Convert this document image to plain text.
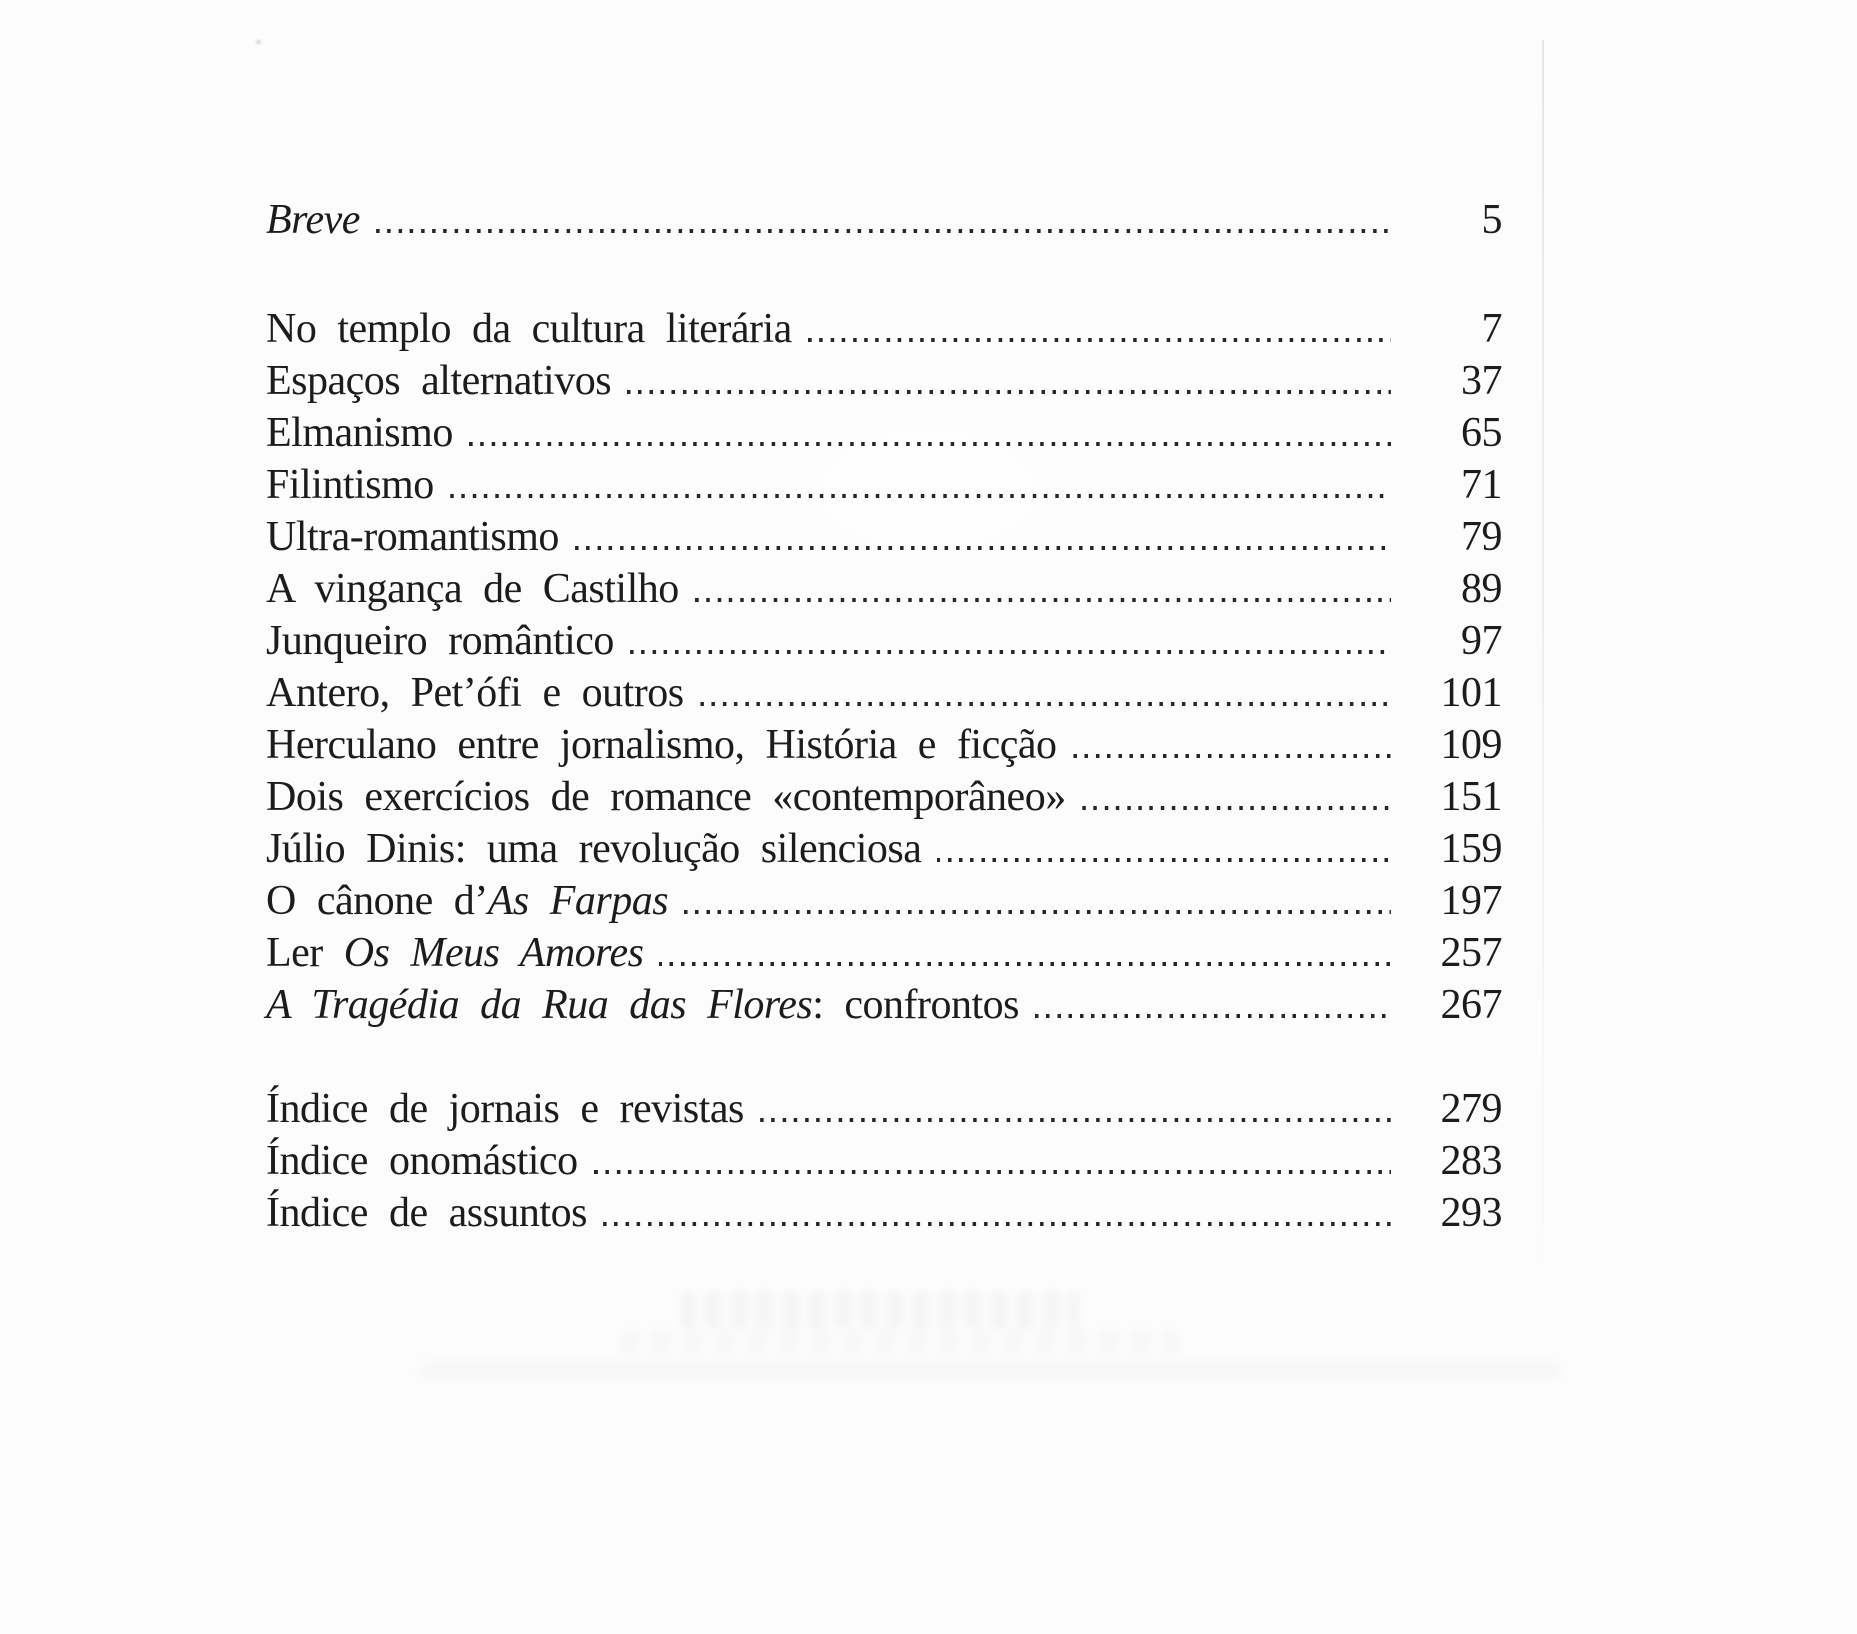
Breve	5
No templo da cultura literária	7
Espaços alternativos	37
Elmanismo	65
Filintismo	71
Ultra-romantismo	79
A vingança de Castilho	89
Junqueiro romântico	97
Antero, Pet’ófi e outros	101
Herculano entre jornalismo, História e ficção	109
Dois exercícios de romance «contemporâneo»	151
Júlio Dinis: uma revolução silenciosa	159
O cânone d’As Farpas	197
Ler Os Meus Amores	257
A Tragédia da Rua das Flores: confrontos	267
Índice de jornais e revistas	279
Índice onomástico	283
Índice de assuntos	293
